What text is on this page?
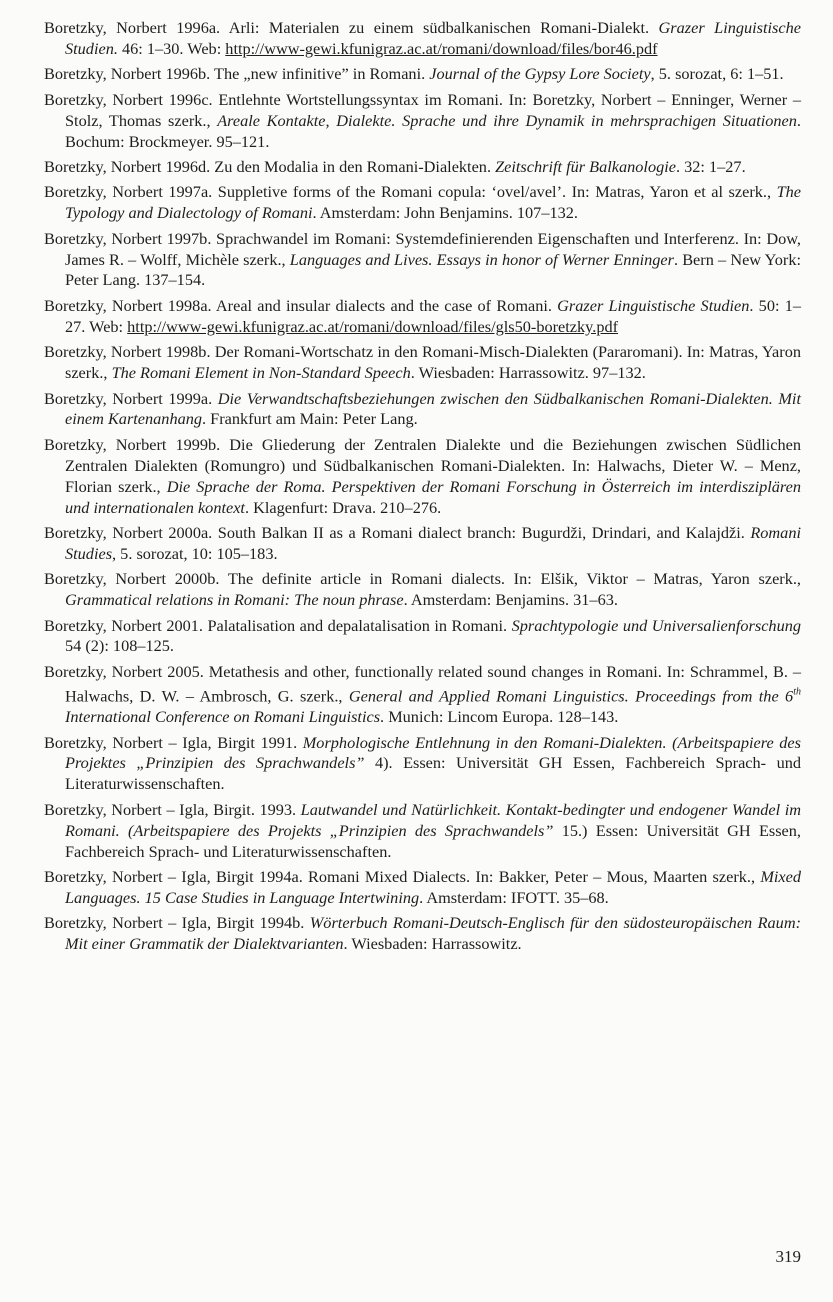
Boretzky, Norbert 1996a. Arli: Materialen zu einem südbalkanischen Romani-Dialekt. Grazer Linguistische Studien. 46: 1–30. Web: http://www-gewi.kfunigraz.ac.at/romani/download/files/bor46.pdf
Boretzky, Norbert 1996b. The „new infinitive” in Romani. Journal of the Gypsy Lore Society, 5. sorozat, 6: 1–51.
Boretzky, Norbert 1996c. Entlehnte Wortstellungssyntax im Romani. In: Boretzky, Norbert – Enninger, Werner – Stolz, Thomas szerk., Areale Kontakte, Dialekte. Sprache und ihre Dynamik in mehrsprachigen Situationen. Bochum: Brockmeyer. 95–121.
Boretzky, Norbert 1996d. Zu den Modalia in den Romani-Dialekten. Zeitschrift für Balkanologie. 32: 1–27.
Boretzky, Norbert 1997a. Suppletive forms of the Romani copula: ‘ovel/avel’. In: Matras, Yaron et al szerk., The Typology and Dialectology of Romani. Amsterdam: John Benjamins. 107–132.
Boretzky, Norbert 1997b. Sprachwandel im Romani: Systemdefinierenden Eigenschaften und Interferenz. In: Dow, James R. – Wolff, Michèle szerk., Languages and Lives. Essays in honor of Werner Enninger. Bern – New York: Peter Lang. 137–154.
Boretzky, Norbert 1998a. Areal and insular dialects and the case of Romani. Grazer Linguistische Studien. 50: 1–27. Web: http://www-gewi.kfunigraz.ac.at/romani/download/files/gls50-boretzky.pdf
Boretzky, Norbert 1998b. Der Romani-Wortschatz in den Romani-Misch-Dialekten (Pararomani). In: Matras, Yaron szerk., The Romani Element in Non-Standard Speech. Wiesbaden: Harrassowitz. 97–132.
Boretzky, Norbert 1999a. Die Verwandtschaftsbeziehungen zwischen den Südbalkanischen Romani-Dialekten. Mit einem Kartenanhang. Frankfurt am Main: Peter Lang.
Boretzky, Norbert 1999b. Die Gliederung der Zentralen Dialekte und die Beziehungen zwischen Südlichen Zentralen Dialekten (Romungro) und Südbalkanischen Romani-Dialekten. In: Halwachs, Dieter W. – Menz, Florian szerk., Die Sprache der Roma. Perspektiven der Romani Forschung in Österreich im interdisziplären und internationalen kontext. Klagenfurt: Drava. 210–276.
Boretzky, Norbert 2000a. South Balkan II as a Romani dialect branch: Bugurdži, Drindari, and Kalajdži. Romani Studies, 5. sorozat, 10: 105–183.
Boretzky, Norbert 2000b. The definite article in Romani dialects. In: Elšik, Viktor – Matras, Yaron szerk., Grammatical relations in Romani: The noun phrase. Amsterdam: Benjamins. 31–63.
Boretzky, Norbert 2001. Palatalisation and depalatalisation in Romani. Sprachtypologie und Universalienforschung 54 (2): 108–125.
Boretzky, Norbert 2005. Metathesis and other, functionally related sound changes in Romani. In: Schrammel, B. – Halwachs, D. W. – Ambrosch, G. szerk., General and Applied Romani Linguistics. Proceedings from the 6th International Conference on Romani Linguistics. Munich: Lincom Europa. 128–143.
Boretzky, Norbert – Igla, Birgit 1991. Morphologische Entlehnung in den Romani-Dialekten. (Arbeitspapiere des Projektes „Prinzipien des Sprachwandels” 4). Essen: Universität GH Essen, Fachbereich Sprach- und Literaturwissenschaften.
Boretzky, Norbert – Igla, Birgit. 1993. Lautwandel und Natürlichkeit. Kontakt-bedingter und endogener Wandel im Romani. (Arbeitspapiere des Projekts „Prinzipien des Sprachwandels” 15.) Essen: Universität GH Essen, Fachbereich Sprach- und Literaturwissenschaften.
Boretzky, Norbert – Igla, Birgit 1994a. Romani Mixed Dialects. In: Bakker, Peter – Mous, Maarten szerk., Mixed Languages. 15 Case Studies in Language Intertwining. Amsterdam: IFOTT. 35–68.
Boretzky, Norbert – Igla, Birgit 1994b. Wörterbuch Romani-Deutsch-Englisch für den südosteuropäischen Raum: Mit einer Grammatik der Dialektvarianten. Wiesbaden: Harrassowitz.
319
